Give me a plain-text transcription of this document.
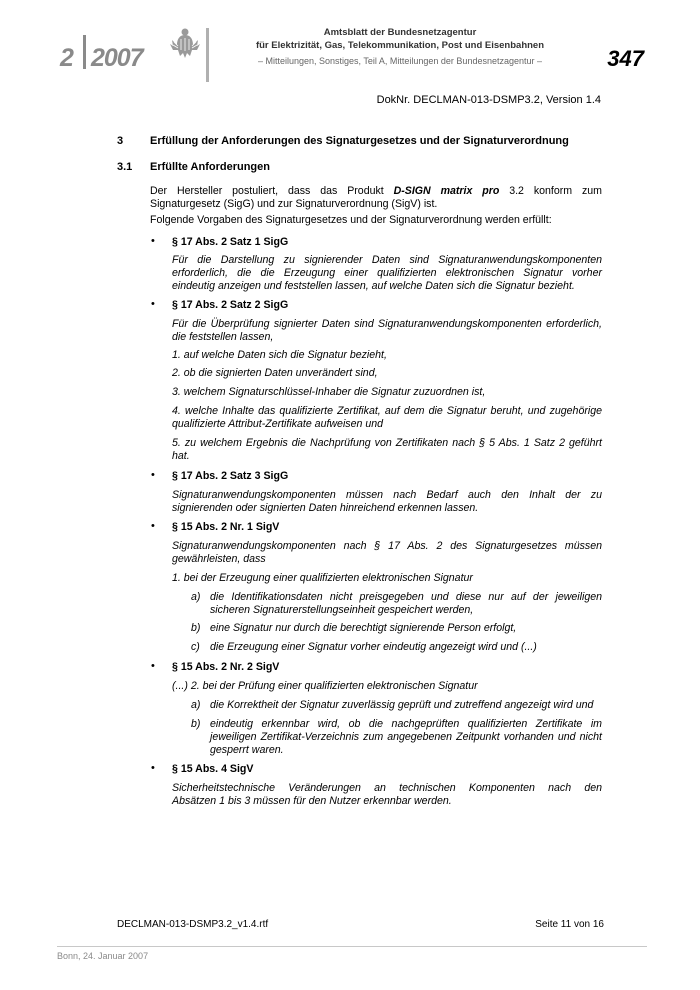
2 2007
Amtsblatt der Bundesnetzagentur
für Elektrizität, Gas, Telekommunikation, Post und Eisenbahnen
– Mitteilungen, Sonstiges, Teil A, Mitteilungen der Bundesnetzagentur –	347
DokNr. DECLMAN-013-DSMP3.2, Version 1.4
3 Erfüllung der Anforderungen des Signaturgesetzes und der Signaturverordnung
3.1 Erfüllte Anforderungen
Der Hersteller postuliert, dass das Produkt D-SIGN matrix pro 3.2 konform zum
Signaturgesetz (SigG) und zur Signaturverordnung (SigV) ist.
Folgende Vorgaben des Signaturgesetzes und der Signaturverordnung werden erfüllt:
• § 17 Abs. 2 Satz 1 SigG
Für die Darstellung zu signierender Daten sind Signaturanwendungskomponenten
erforderlich, die die Erzeugung einer qualifizierten elektronischen Signatur vorher
eindeutig anzeigen und feststellen lassen, auf welche Daten sich die Signatur bezieht.
• § 17 Abs. 2 Satz 2 SigG
Für die Überprüfung signierter Daten sind Signaturanwendungskomponenten erforderlich,
die feststellen lassen,
1. auf welche Daten sich die Signatur bezieht,
2. ob die signierten Daten unverändert sind,
3. welchem Signaturschlüssel-Inhaber die Signatur zuzuordnen ist,
4. welche Inhalte das qualifizierte Zertifikat, auf dem die Signatur beruht, und zugehörige
qualifizierte Attribut-Zertifikate aufweisen und
5. zu welchem Ergebnis die Nachprüfung von Zertifikaten nach § 5 Abs. 1 Satz 2 geführt
hat.
• § 17 Abs. 2 Satz 3 SigG
Signaturanwendungskomponenten müssen nach Bedarf auch den Inhalt der zu
signierenden oder signierten Daten hinreichend erkennen lassen.
• § 15 Abs. 2 Nr. 1 SigV
Signaturanwendungskomponenten nach § 17 Abs. 2 des Signaturgesetzes müssen
gewährleisten, dass
1. bei der Erzeugung einer qualifizierten elektronischen Signatur
a) die Identifikationsdaten nicht preisgegeben und diese nur auf der jeweiligen
sicheren Signaturerstellungseinheit gespeichert werden,
b) eine Signatur nur durch die berechtigt signierende Person erfolgt,
c) die Erzeugung einer Signatur vorher eindeutig angezeigt wird und (...)
• § 15 Abs. 2 Nr. 2 SigV
(...) 2. bei der Prüfung einer qualifizierten elektronischen Signatur
a) die Korrektheit der Signatur zuverlässig geprüft und zutreffend angezeigt wird und
b) eindeutig erkennbar wird, ob die nachgeprüften qualifizierten Zertifikate im
jeweiligen Zertifikat-Verzeichnis zum angegebenen Zeitpunkt vorhanden und nicht
gesperrt waren.
• § 15 Abs. 4 SigV
Sicherheitstechnische Veränderungen an technischen Komponenten nach den
Absätzen 1 bis 3 müssen für den Nutzer erkennbar werden.
DECLMAN-013-DSMP3.2_v1.4.rtf	Seite 11 von 16
Bonn, 24. Januar 2007
